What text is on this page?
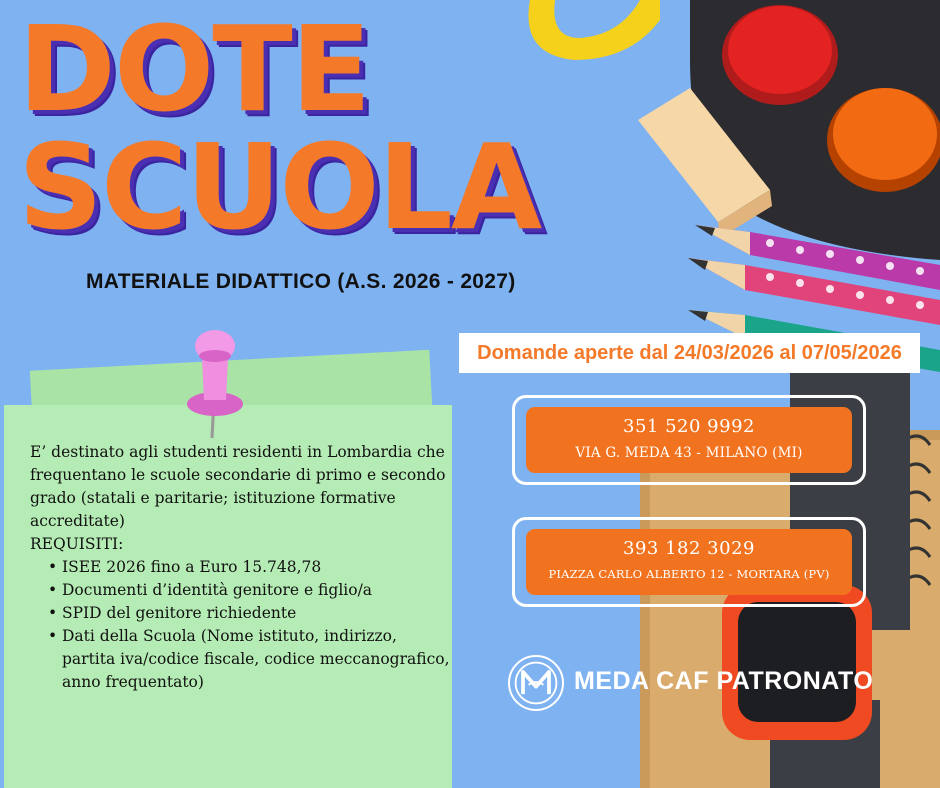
DOTE
SCUOLA
MATERIALE DIDATTICO (A.S. 2026 - 2027)
Domande aperte dal 24/03/2026 al 07/05/2026
351 520 9992
VIA G. MEDA 43 - MILANO (MI)
393 182 3029
PIAZZA CARLO ALBERTO 12 - MORTARA (PV)

E’ destinato agli studenti residenti in Lombardia che frequentano le scuole secondarie di primo e secondo grado (statali e paritarie; istituzione formative accreditate)

REQUISITI:

• ISEE 2026 fino a Euro 15.748,78
• Documenti d’identità genitore e figlio/a
• SPID del genitore richiedente
• Dati della Scuola (Nome istituto, indirizzo, partita iva/codice fiscale, codice meccanografico, anno frequentato)	MEDA CAF PATRONATO
